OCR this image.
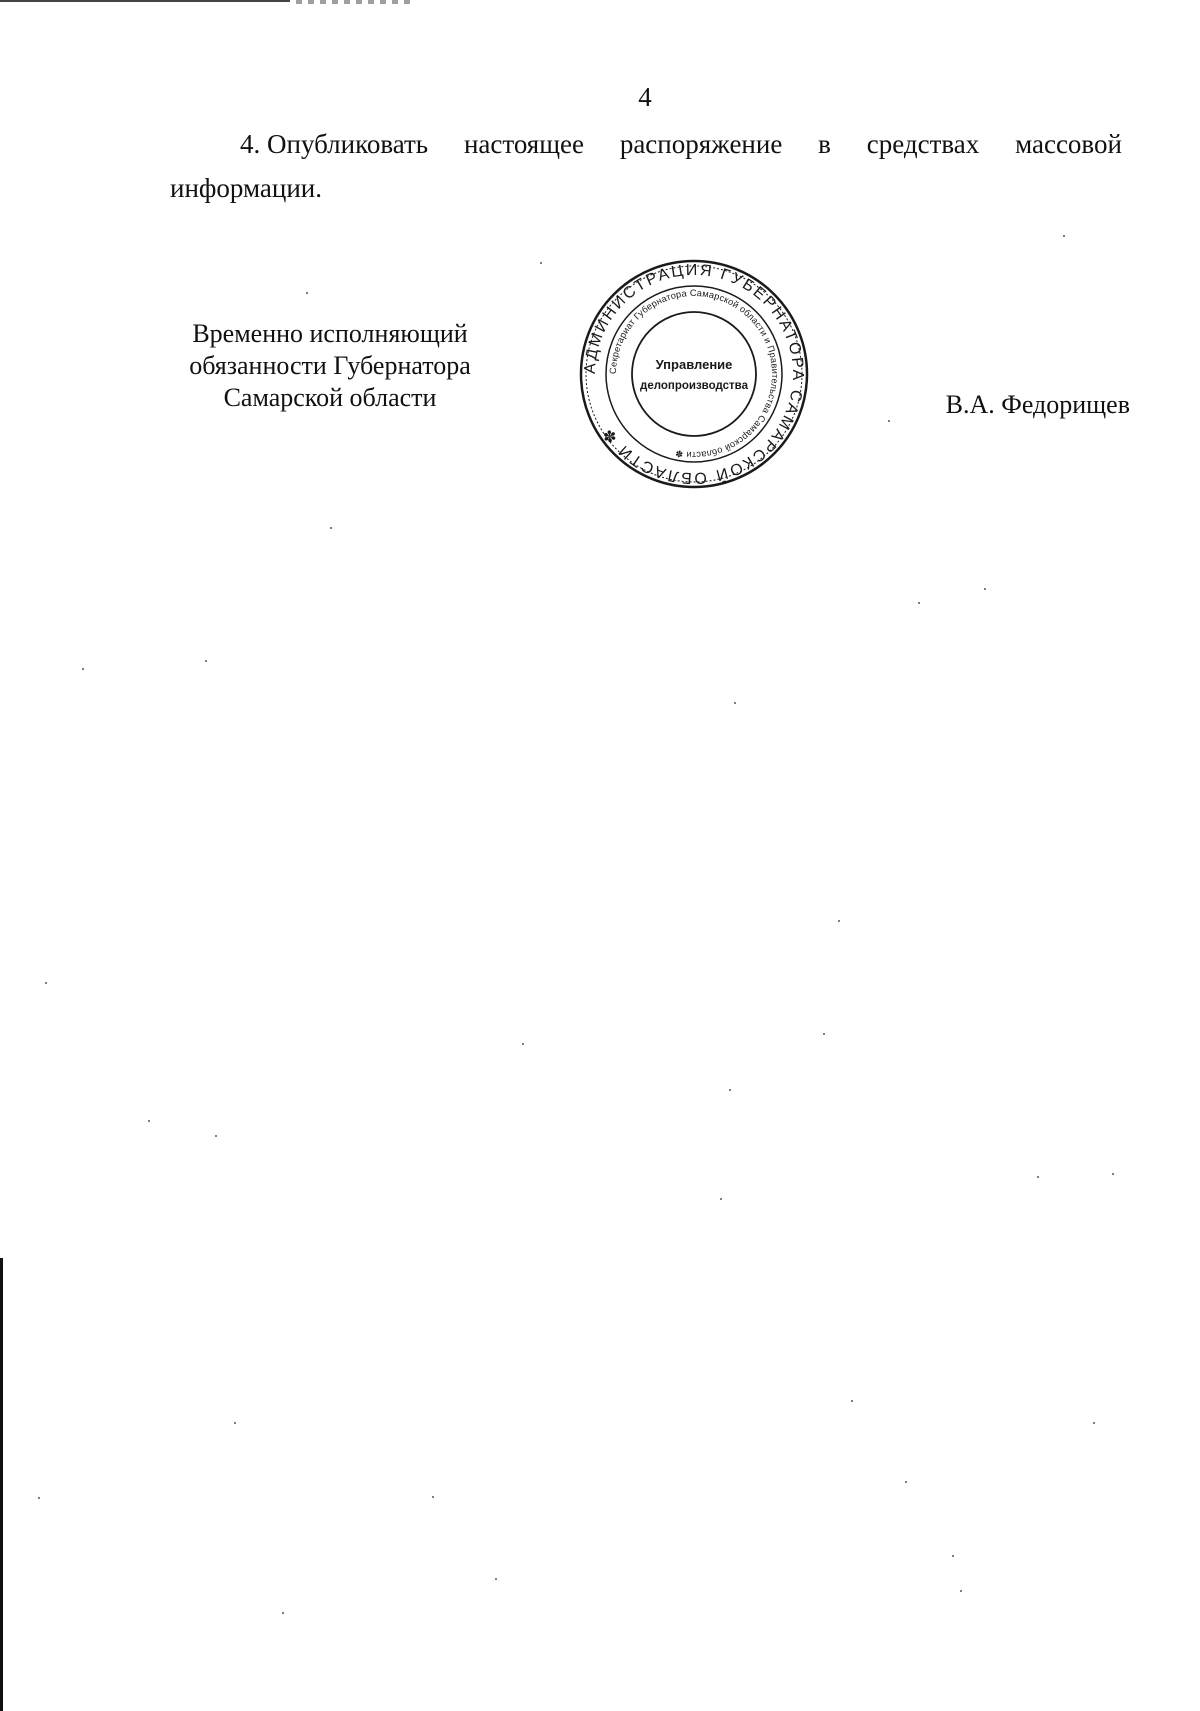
4
4. Опубликовать настоящее распоряжение в средствах массовой
информации.
Временно исполняющий
обязанности Губернатора
Самарской области
АДМИНИСТРАЦИЯ ГУБЕРНАТОРА САМАРСКОЙ ОБЛАСТИ ✽
Секретариат Губернатора Самарской области и Правительства Самарской области ✽
Управление
делопроизводства
В.А. Федорищев
